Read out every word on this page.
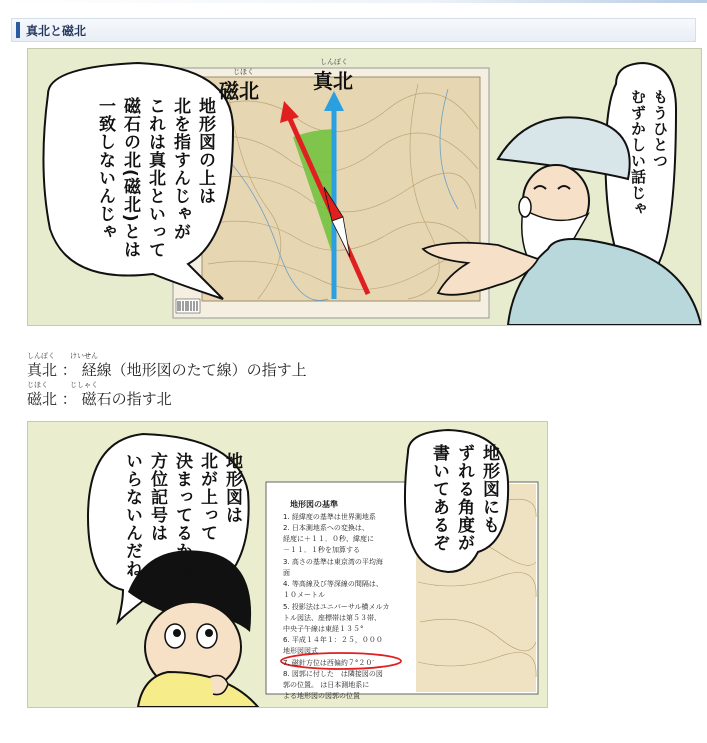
真北と磁北
じほく
しんぽく
磁北	真北
地形図の上は
北を指すんじゃが
これは真北といって
磁石の北(磁北)とは
一致しないんじゃ	もうひとつ
むずかしい話じゃ
しんぽく けいせん
真北 ： 経線（地形図のたて線）の指す上
じほく	じしゃく
磁北 ： 磁石の指す北
地形図は
北が上って
決まってるから
方位記号は
いらないんだね	地形図にも
ずれる角度が
書いてあるぞ
地形図の基準
1. 経緯度の基準は世界測地系
2. 日本測地系への変換は、
経度に＋１１．０秒、緯度に
－１１．１秒を加算する
3. 高さの基準は東京湾の平均海
面
4. 等高線及び等深線の間隔は、
１０メートル
5. 投影法はユニバーサル横メルカ
トル図法、座標帯は第５３帯、
中央子午線は東経１３５°
6. 平成１４年１：２５，０００
地形図図式
7. 磁針方位は西偏約７°２０′
8. 図郭に付した　は隣接図の図
郭の位置。 は日本測地系に
よる地形図の図郭の位置
